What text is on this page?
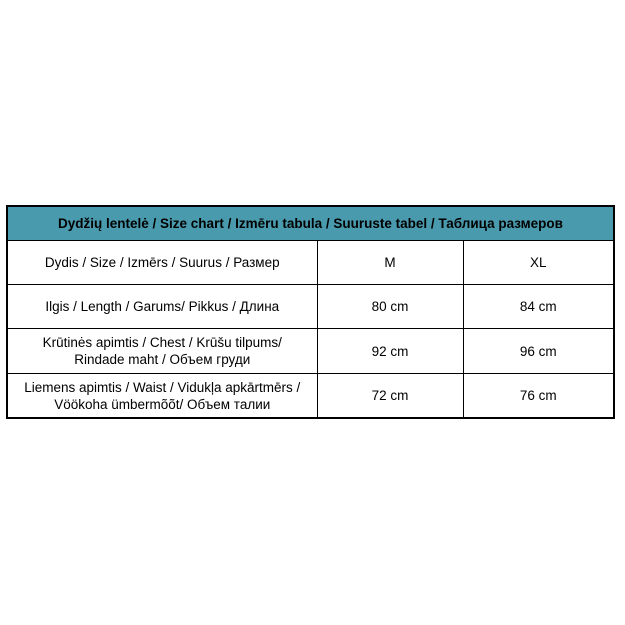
Dydžių lentelė / Size chart / Izmēru tabula / Suuruste tabel / Таблица размеров		
Dydis / Size / Izmērs / Suurus / Размер	M	XL
Ilgis / Length / Garums/ Pikkus / Длина	80 cm	84 cm
Krūtinės apimtis / Chest / Krūšu tilpums/
Rindade maht / Объем груди	92 cm	96 cm
Liemens apimtis / Waist / Vidukļa apkārtmērs /
Vöökoha ümbermõõt/ Объем талии	72 cm	76 cm
